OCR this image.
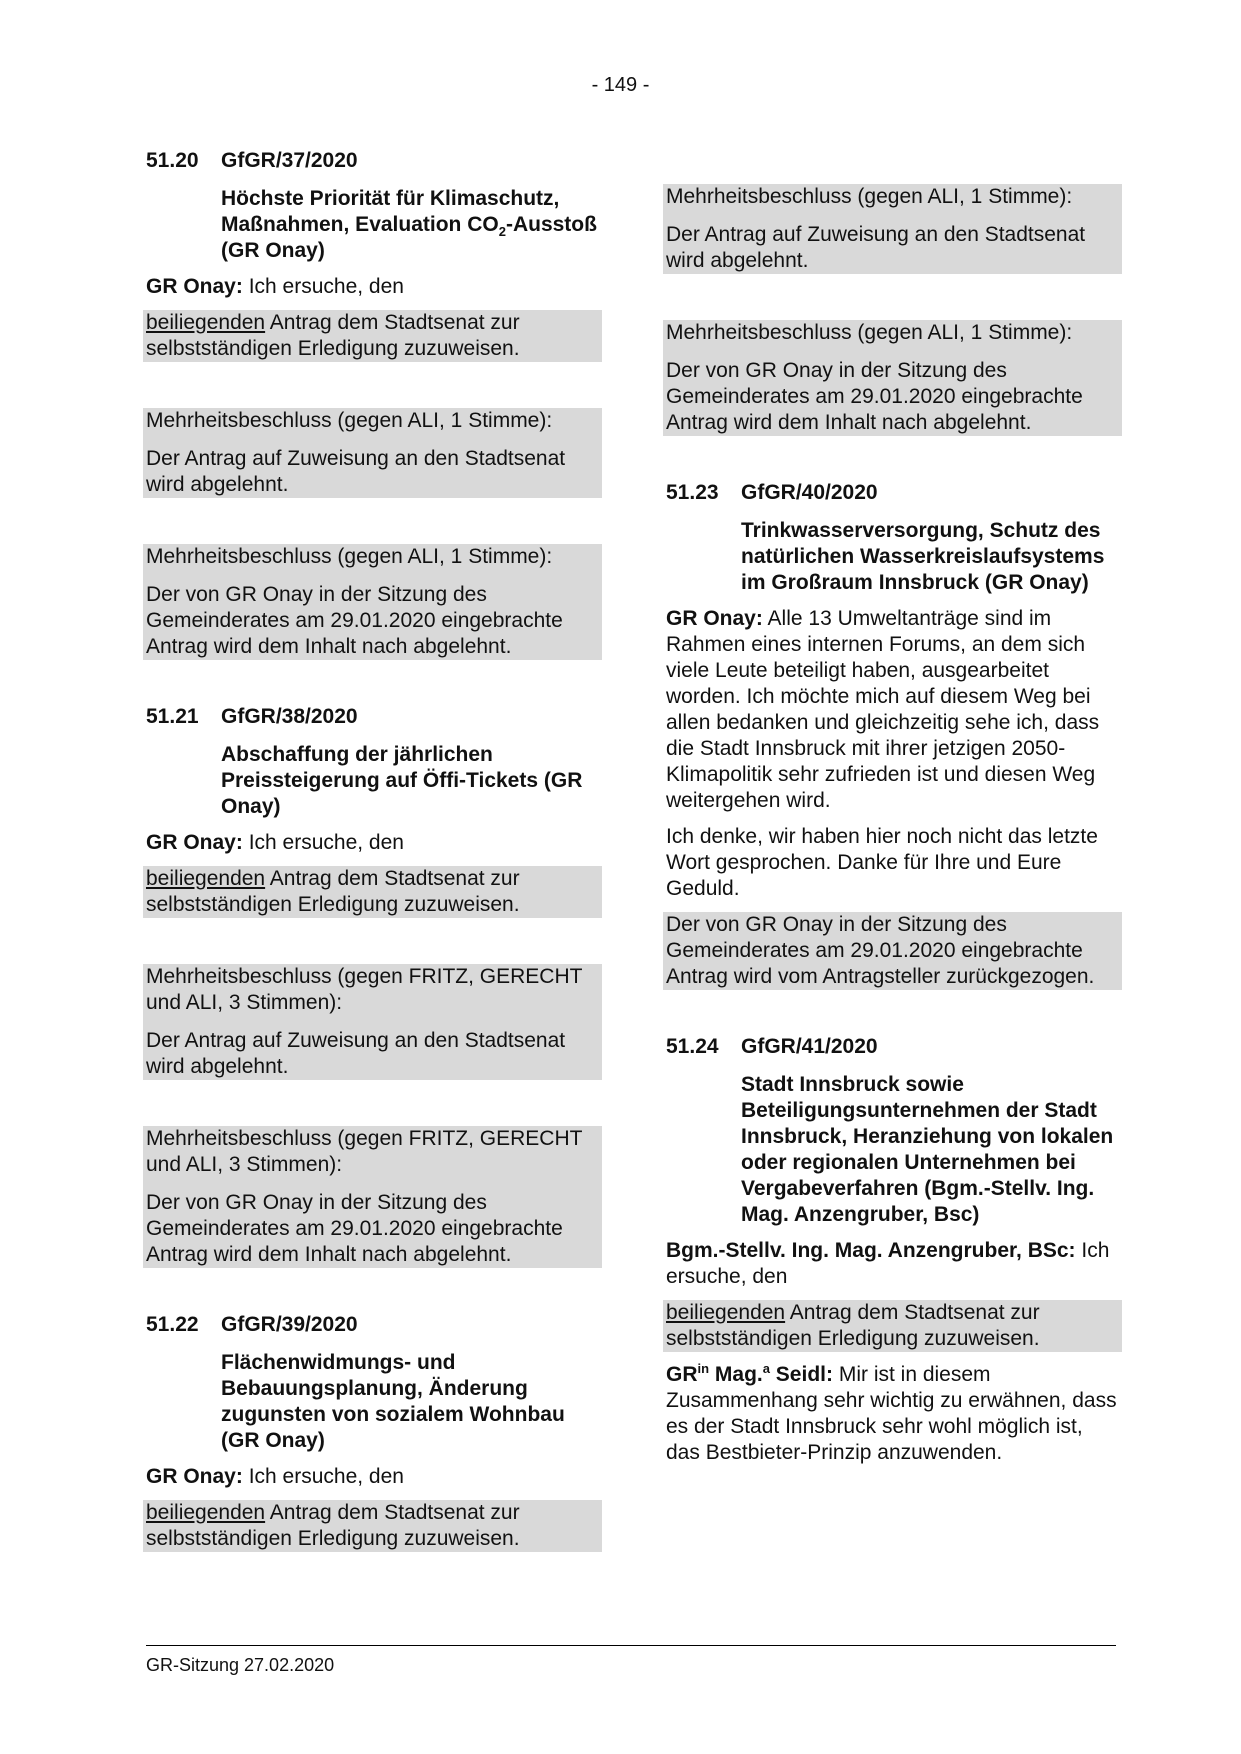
- 149 -
51.20	GfGR/37/2020

Höchste Priorität für Klimaschutz, Maßnahmen, Evaluation $CO_2$-Ausstoß (GR Onay)

GR Onay: Ich ersuche, den

beiliegenden Antrag dem Stadtsenat zur selbstständigen Erledigung zuzuweisen.

Mehrheitsbeschluss (gegen ALI, 1 Stimme):

Der Antrag auf Zuweisung an den Stadtsenat wird abgelehnt.

Mehrheitsbeschluss (gegen ALI, 1 Stimme):

Der von GR Onay in der Sitzung des Gemeinderates am 29.01.2020 eingebrachte Antrag wird dem Inhalt nach abgelehnt.

51.21	GfGR/38/2020

Abschaffung der jährlichen Preissteigerung auf Öffi-Tickets (GR Onay)

GR Onay: Ich ersuche, den

beiliegenden Antrag dem Stadtsenat zur selbstständigen Erledigung zuzuweisen.

Mehrheitsbeschluss (gegen FRITZ, GERECHT und ALI, 3 Stimmen):

Der Antrag auf Zuweisung an den Stadtsenat wird abgelehnt.

Mehrheitsbeschluss (gegen FRITZ, GERECHT und ALI, 3 Stimmen):

Der von GR Onay in der Sitzung des Gemeinderates am 29.01.2020 eingebrachte Antrag wird dem Inhalt nach abgelehnt.

51.22	GfGR/39/2020

Flächenwidmungs- und Bebauungsplanung, Änderung zugunsten von sozialem Wohnbau (GR Onay)

GR Onay: Ich ersuche, den

beiliegenden Antrag dem Stadtsenat zur selbstständigen Erledigung zuzuweisen.

Mehrheitsbeschluss (gegen ALI, 1 Stimme):

Der Antrag auf Zuweisung an den Stadtsenat wird abgelehnt.

Mehrheitsbeschluss (gegen ALI, 1 Stimme):

Der von GR Onay in der Sitzung des Gemeinderates am 29.01.2020 eingebrachte Antrag wird dem Inhalt nach abgelehnt.

51.23	GfGR/40/2020

Trinkwasserversorgung, Schutz des natürlichen Wasserkreislaufsystems im Großraum Innsbruck (GR Onay)

GR Onay: Alle 13 Umweltanträge sind im Rahmen eines internen Forums, an dem sich viele Leute beteiligt haben, ausgearbeitet worden. Ich möchte mich auf diesem Weg bei allen bedanken und gleichzeitig sehe ich, dass die Stadt Innsbruck mit ihrer jetzigen 2050-Klimapolitik sehr zufrieden ist und diesen Weg weitergehen wird.

Ich denke, wir haben hier noch nicht das letzte Wort gesprochen. Danke für Ihre und Eure Geduld.

Der von GR Onay in der Sitzung des Gemeinderates am 29.01.2020 eingebrachte Antrag wird vom Antragsteller zurückgezogen.

51.24	GfGR/41/2020

Stadt Innsbruck sowie Beteiligungsunternehmen der Stadt Innsbruck, Heranziehung von lokalen oder regionalen Unternehmen bei Vergabeverfahren (Bgm.-Stellv. Ing. Mag. Anzengruber, Bsc)

Bgm.-Stellv. Ing. Mag. Anzengruber, BSc: Ich ersuche, den

beiliegenden Antrag dem Stadtsenat zur selbstständigen Erledigung zuzuweisen.

$GR^{in}$ Mag.$^a$ Seidl: Mir ist in diesem Zusammenhang sehr wichtig zu erwähnen, dass es der Stadt Innsbruck sehr wohl möglich ist, das Bestbieter-Prinzip anzuwenden.

GR-Sitzung 27.02.2020
